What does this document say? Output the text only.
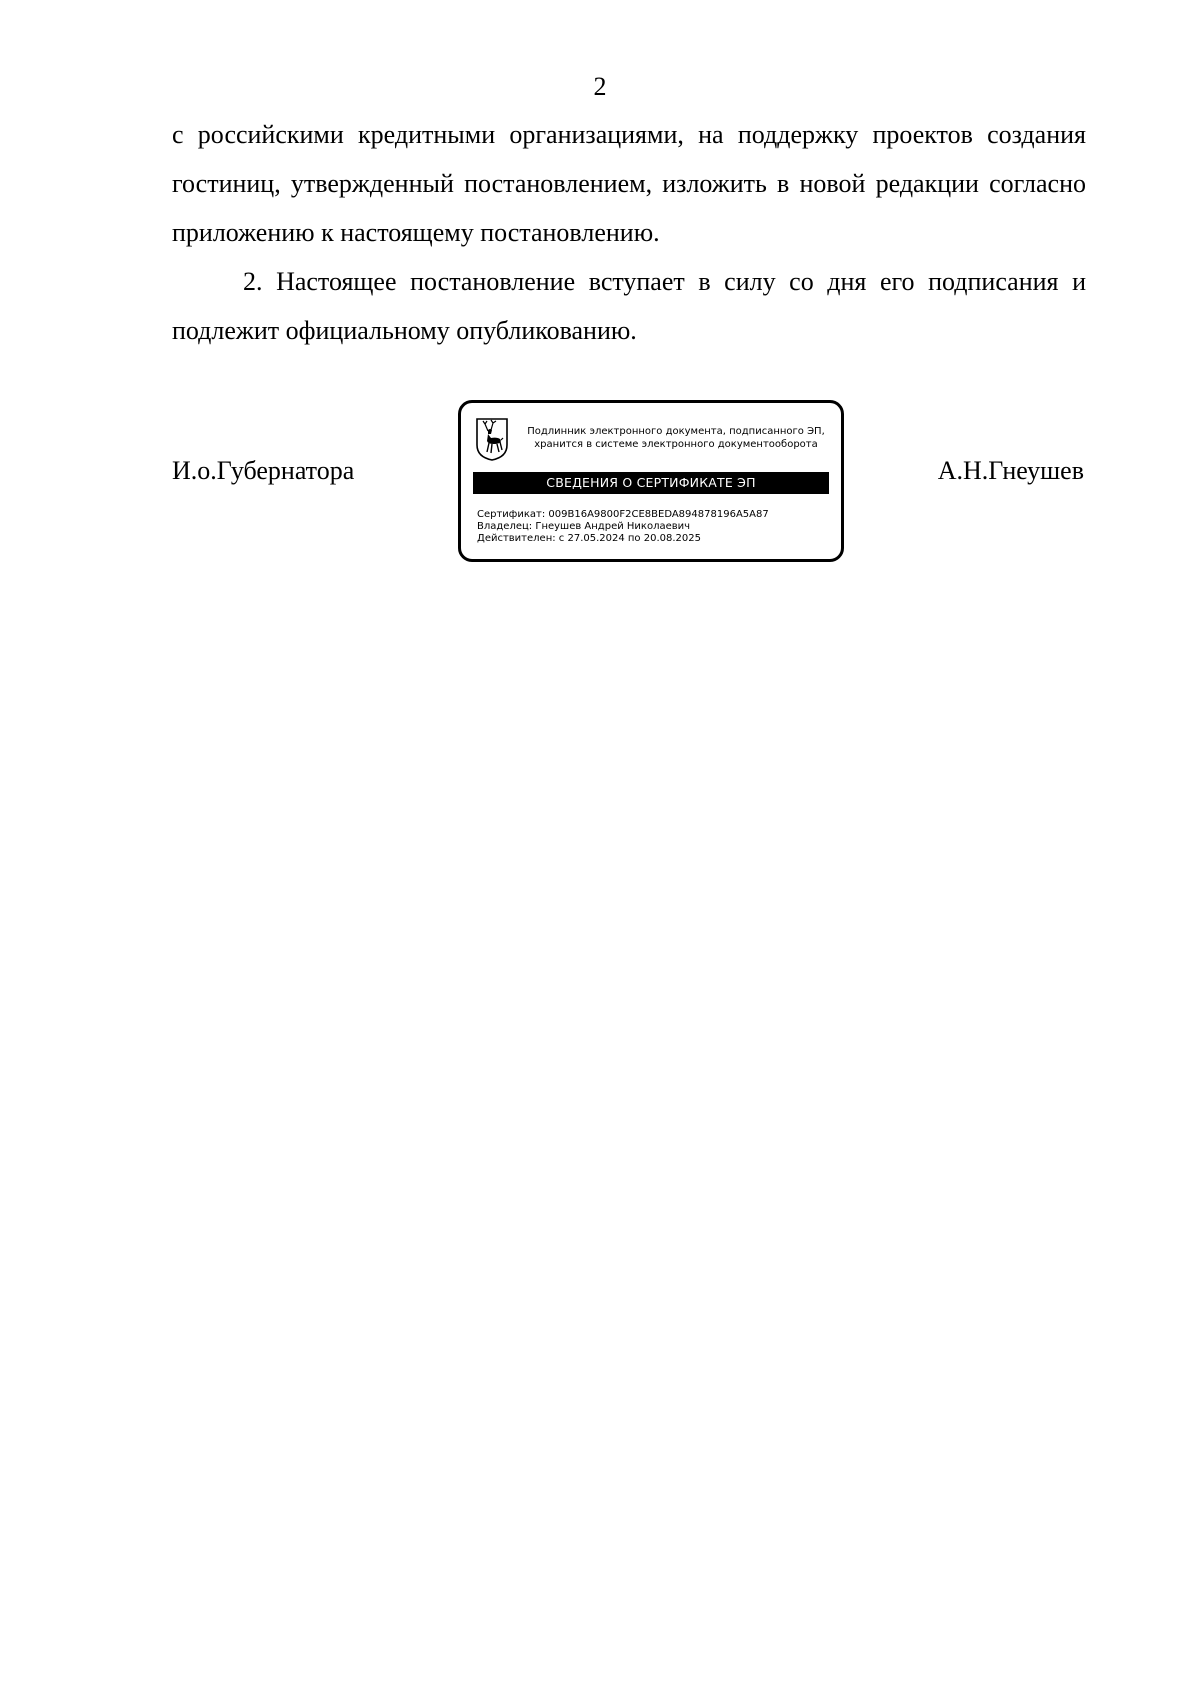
2

с российскими кредитными организациями, на поддержку проектов создания гостиниц, утвержденный постановлением, изложить в новой редакции согласно приложению к настоящему постановлению.

2. Настоящее постановление вступает в силу со дня его подписания и подлежит официальному опубликованию.

И.о.Губернатора
Подлинник электронного документа, подписанного ЭП,
хранится в системе электронного документооборота
СВЕДЕНИЯ О СЕРТИФИКАТЕ ЭП
Сертификат: 009B16A9800F2CE8BEDA894878196A5A87
Владелец: Гнеушев Андрей Николаевич
Действителен: с 27.05.2024 по 20.08.2025
А.Н.Гнеушев
